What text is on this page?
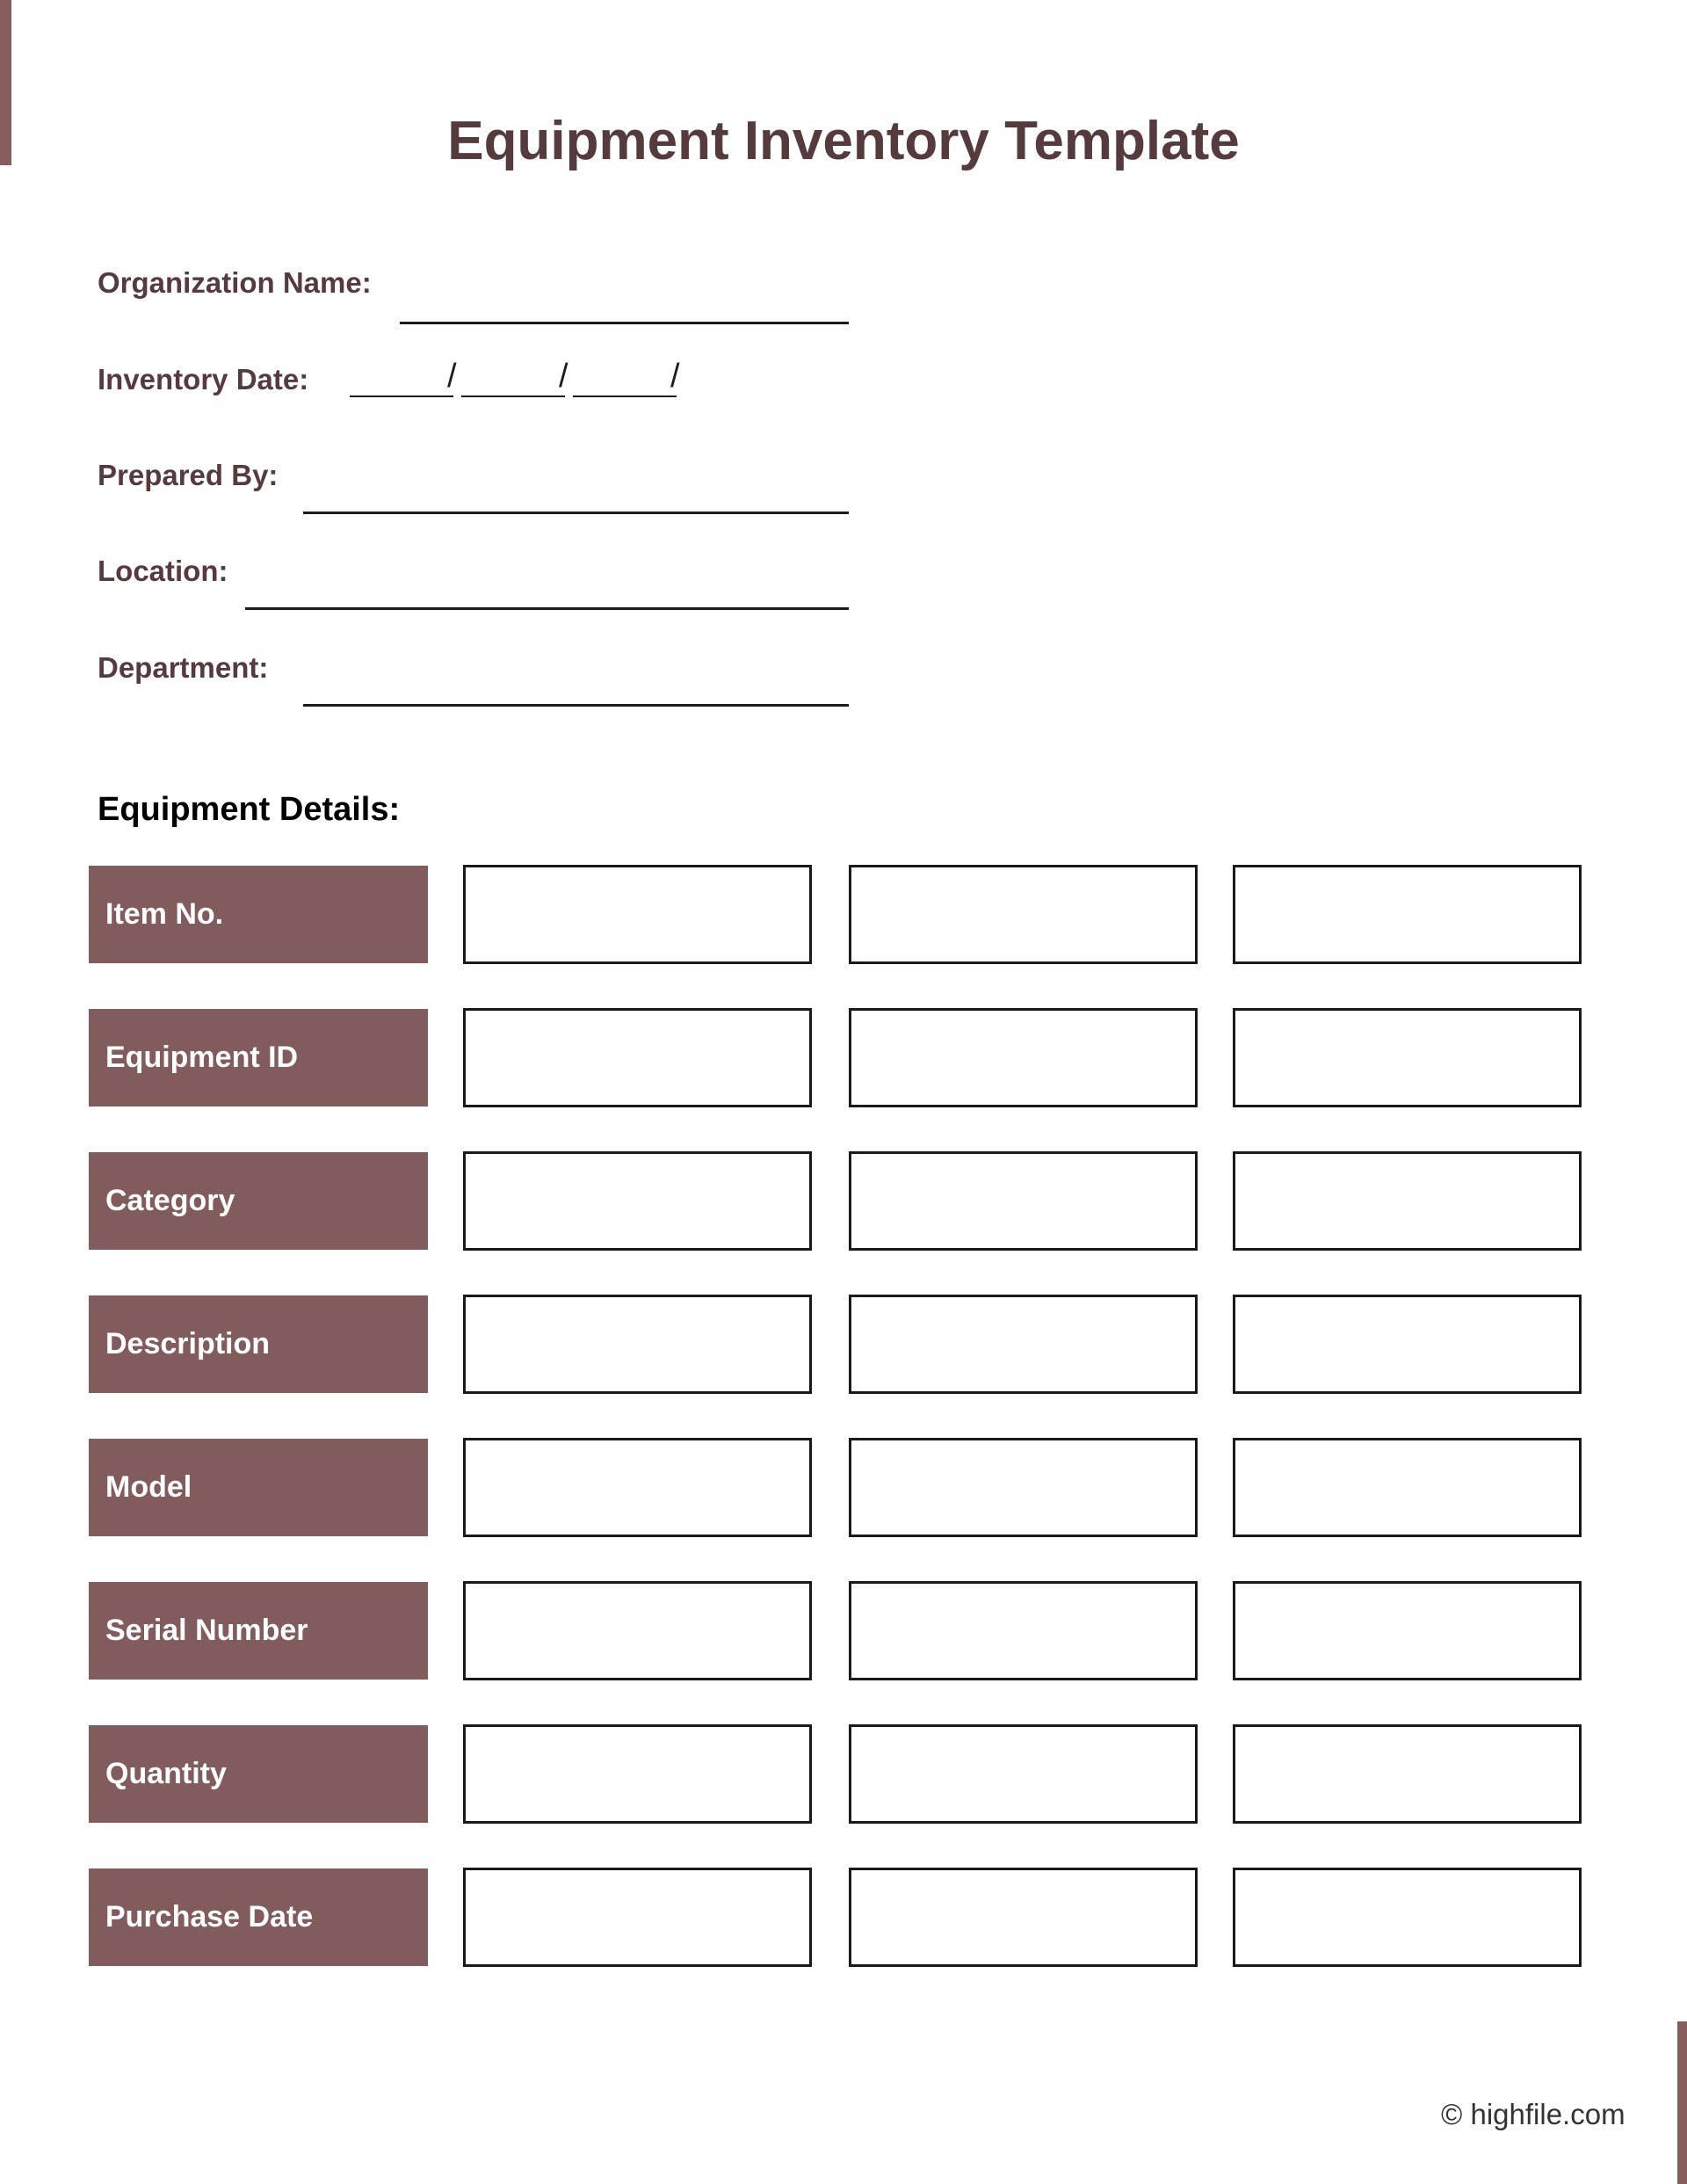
Equipment Inventory Template
Organization Name:
Inventory Date:	/	/	/
Prepared By:
Location:
Department:
Equipment Details:
Item No.
Equipment ID
Category
Description
Model
Serial Number
Quantity
Purchase Date
© highfile.com
